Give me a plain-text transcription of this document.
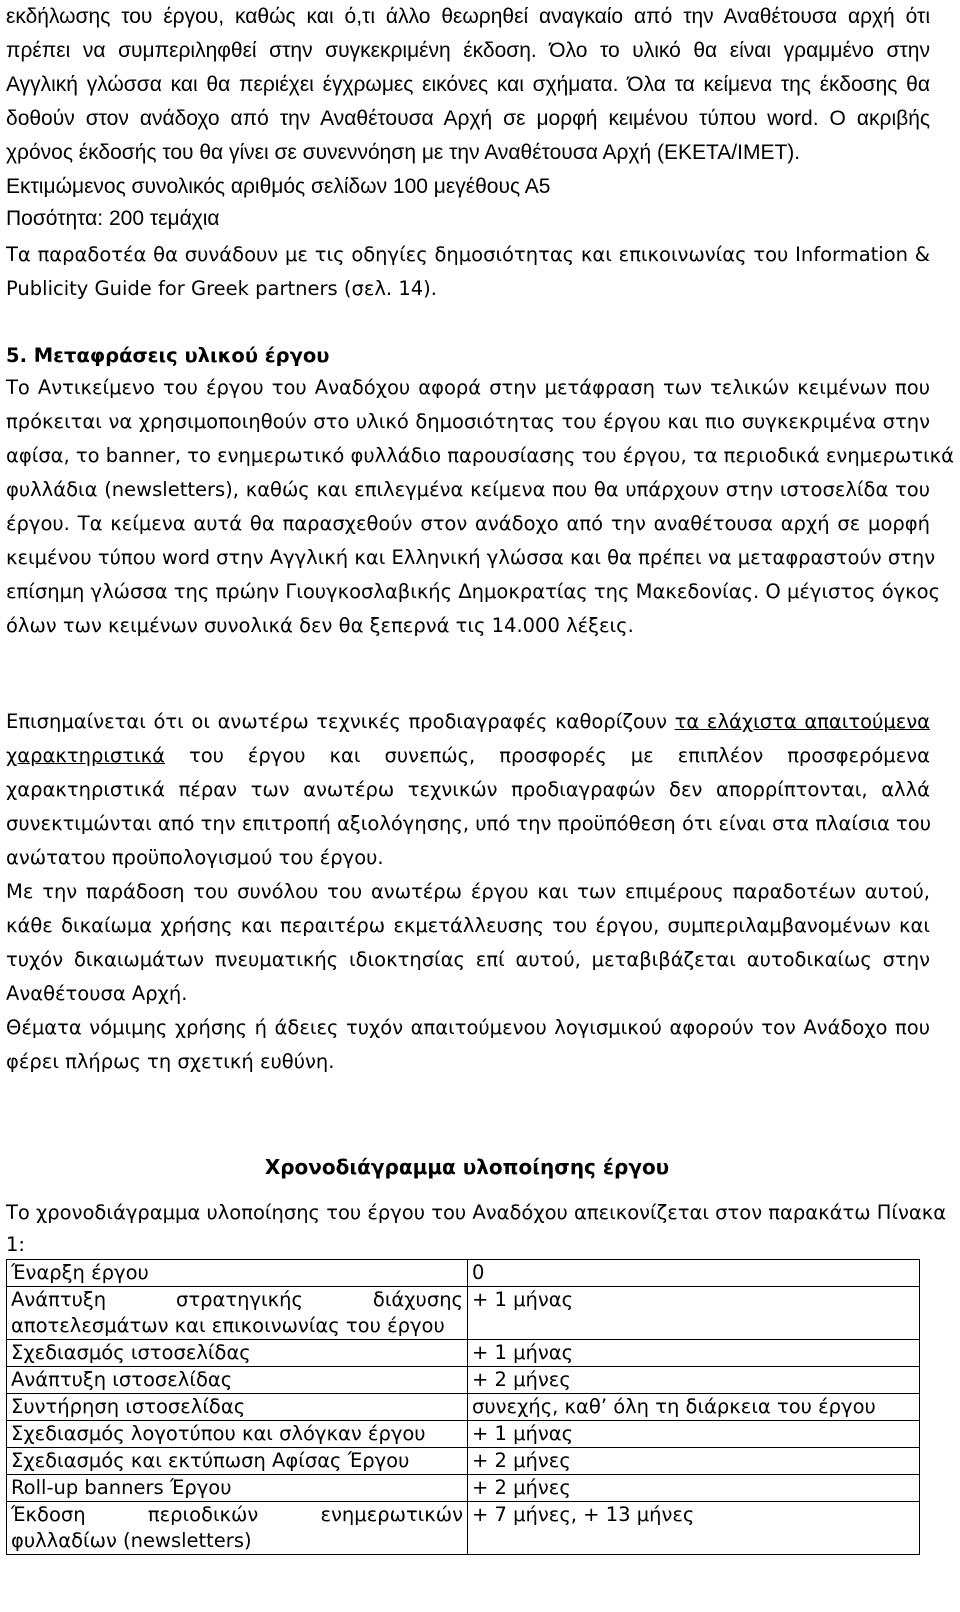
εκδήλωσης του έργου, καθώς και ό,τι άλλο θεωρηθεί αναγκαίο από την Αναθέτουσα αρχή ότι

πρέπει να συμπεριληφθεί στην συγκεκριμένη έκδοση. Όλο το υλικό θα είναι γραμμένο στην

Αγγλική γλώσσα και θα περιέχει έγχρωμες εικόνες και σχήματα. Όλα τα κείμενα της έκδοσης θα

δοθούν στον ανάδοχο από την Αναθέτουσα Αρχή σε μορφή κειμένου τύπου word. Ο ακριβής

χρόνος έκδοσής του θα γίνει σε συνεννόηση με την Αναθέτουσα Αρχή (ΕΚΕΤΑ/ΙΜΕΤ).

Εκτιμώμενος συνολικός αριθμός σελίδων 100 μεγέθους Α5

Ποσότητα: 200 τεμάχια

Τα παραδοτέα θα συνάδουν με τις οδηγίες δημοσιότητας και επικοινωνίας του Information &

Publicity Guide for Greek partners (σελ. 14).

5. Μεταφράσεις υλικού έργου

Το Αντικείμενο του έργου του Αναδόχου αφορά στην μετάφραση των τελικών κειμένων που

πρόκειται να χρησιμοποιηθούν στο υλικό δημοσιότητας του έργου και πιο συγκεκριμένα στην

αφίσα, το banner, το ενημερωτικό φυλλάδιο παρουσίασης του έργου, τα περιοδικά ενημερωτικά

φυλλάδια (newsletters), καθώς και επιλεγμένα κείμενα που θα υπάρχουν στην ιστοσελίδα του

έργου. Τα κείμενα αυτά θα παρασχεθούν στον ανάδοχο από την αναθέτουσα αρχή σε μορφή

κειμένου τύπου word στην Αγγλική και Ελληνική γλώσσα και θα πρέπει να μεταφραστούν στην

επίσημη γλώσσα της πρώην Γιουγκοσλαβικής Δημοκρατίας της Μακεδονίας. Ο μέγιστος όγκος

όλων των κειμένων συνολικά δεν θα ξεπερνά τις 14.000 λέξεις.

Επισημαίνεται ότι οι ανωτέρω τεχνικές προδιαγραφές καθορίζουν τα ελάχιστα απαιτούμενα

χαρακτηριστικά του έργου και συνεπώς, προσφορές με επιπλέον προσφερόμενα

χαρακτηριστικά πέραν των ανωτέρω τεχνικών προδιαγραφών δεν απορρίπτονται, αλλά

συνεκτιμώνται από την επιτροπή αξιολόγησης, υπό την προϋπόθεση ότι είναι στα πλαίσια του

ανώτατου προϋπολογισμού του έργου.

Με την παράδοση του συνόλου του ανωτέρω έργου και των επιμέρους παραδοτέων αυτού,

κάθε δικαίωμα χρήσης και περαιτέρω εκμετάλλευσης του έργου, συμπεριλαμβανομένων και

τυχόν δικαιωμάτων πνευματικής ιδιοκτησίας επί αυτού, μεταβιβάζεται αυτοδικαίως στην

Αναθέτουσα Αρχή.

Θέματα νόμιμης χρήσης ή άδειες τυχόν απαιτούμενου λογισμικού αφορούν τον Ανάδοχο που

φέρει πλήρως τη σχετική ευθύνη.

Χρονοδιάγραμμα υλοποίησης έργου

Το χρονοδιάγραμμα υλοποίησης του έργου του Αναδόχου απεικονίζεται στον παρακάτω Πίνακα

1:

Έναρξη έργου	0

Ανάπτυξη στρατηγικής διάχυσης
αποτελεσμάτων και επικοινωνίας του έργου	+ 1 μήνας
Σχεδιασμός ιστοσελίδας	+ 1 μήνας
Ανάπτυξη ιστοσελίδας	+ 2 μήνες
Συντήρηση ιστοσελίδας	συνεχής, καθ’ όλη τη διάρκεια του έργου
Σχεδιασμός λογοτύπου και σλόγκαν έργου	+ 1 μήνας
Σχεδιασμός και εκτύπωση Αφίσας Έργου	+ 2 μήνες
Roll-up banners Έργου	+ 2 μήνες

Έκδοση περιοδικών ενημερωτικών
φυλλαδίων (newsletters)	+ 7 μήνες, + 13 μήνες
